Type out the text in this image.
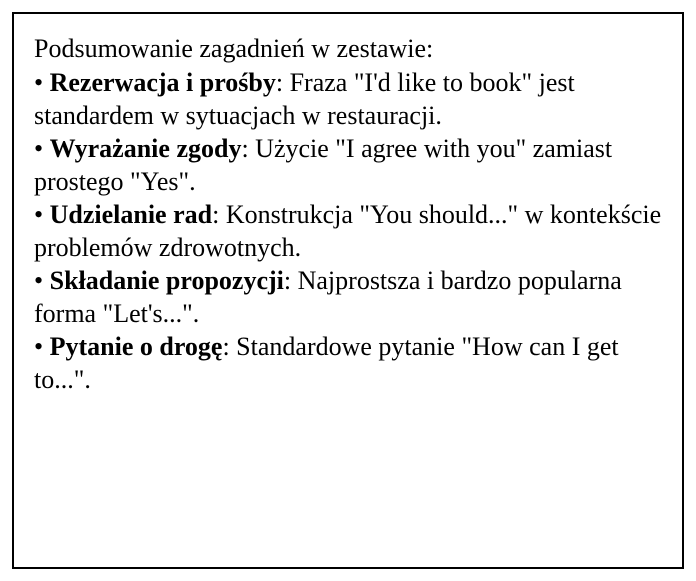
Podsumowanie zagadnień w zestawie:

• Rezerwacja i prośby: Fraza "I'd like to book" jest standardem w sytuacjach w restauracji.
• Wyrażanie zgody: Użycie "I agree with you" zamiast prostego "Yes".
• Udzielanie rad: Konstrukcja "You should..." w kontekście problemów zdrowotnych.
• Składanie propozycji: Najprostsza i bardzo popularna forma "Let's...".
• Pytanie o drogę: Standardowe pytanie "How can I get to...".
